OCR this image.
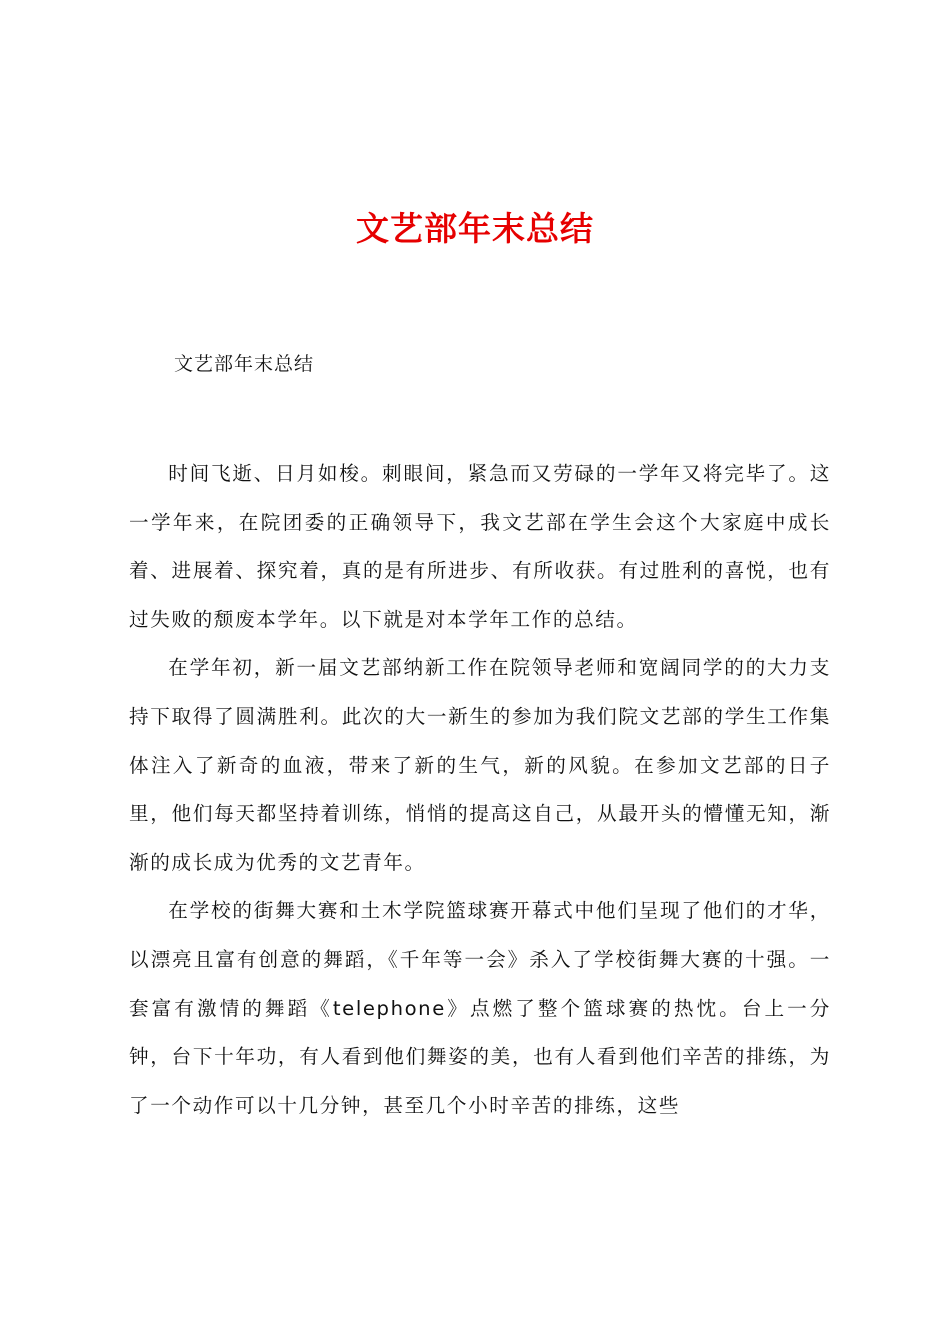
文艺部年末总结
文艺部年末总结

时间飞逝、日月如梭。刺眼间，紧急而又劳碌的一学年又将完毕了。这一学年来，在院团委的正确领导下，我文艺部在学生会这个大家庭中成长着、进展着、探究着，真的是有所进步、有所收获。有过胜利的喜悦，也有过失败的颓废本学年。以下就是对本学年工作的总结。

在学年初，新一届文艺部纳新工作在院领导老师和宽阔同学的的大力支持下取得了圆满胜利。此次的大一新生的参加为我们院文艺部的学生工作集体注入了新奇的血液，带来了新的生气，新的风貌。在参加文艺部的日子里，他们每天都坚持着训练，悄悄的提高这自己，从最开头的懵懂无知，渐渐的成长成为优秀的文艺青年。

在学校的街舞大赛和土木学院篮球赛开幕式中他们呈现了他们的才华，以漂亮且富有创意的舞蹈，《千年等一会》杀入了学校街舞大赛的十强。一套富有激情的舞蹈《telephone》点燃了整个篮球赛的热忱。台上一分钟，台下十年功，有人看到他们舞姿的美，也有人看到他们辛苦的排练，为了一个动作可以十几分钟，甚至几个小时辛苦的排练，这些
